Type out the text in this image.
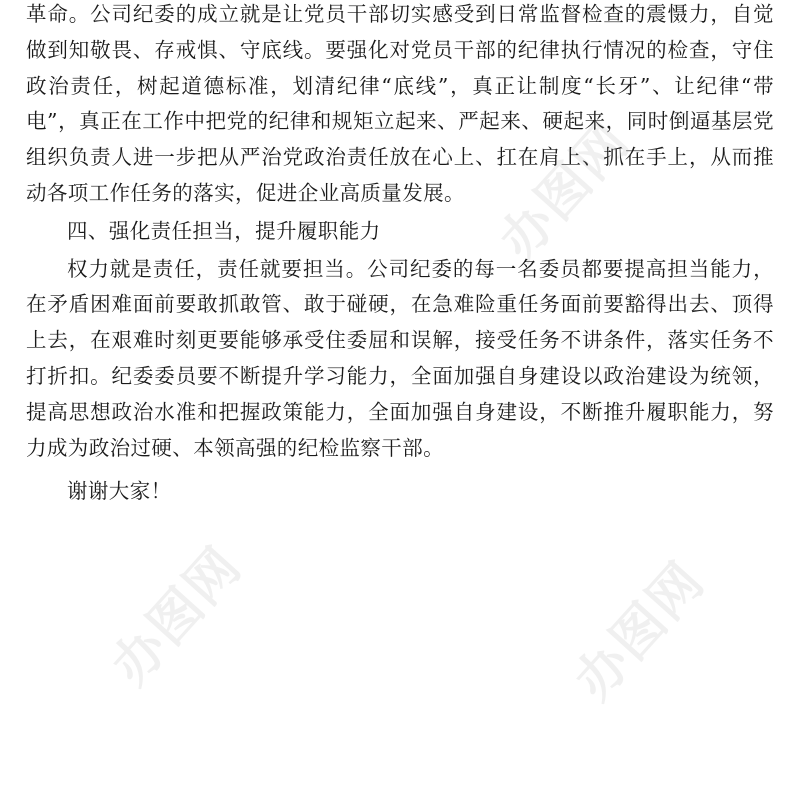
革命。公司纪委的成立就是让党员干部切实感受到日常监督检查的震慑力，自觉做到知敬畏、存戒惧、守底线。要强化对党员干部的纪律执行情况的检查，守住政治责任，树起道德标准，划清纪律“底线”，真正让制度“长牙”、让纪律“带电”，真正在工作中把党的纪律和规矩立起来、严起来、硬起来，同时倒逼基层党组织负责人进一步把从严治党政治责任放在心上、扛在肩上、抓在手上，从而推动各项工作任务的落实，促进企业高质量发展。

四、强化责任担当，提升履职能力

权力就是责任，责任就要担当。公司纪委的每一名委员都要提高担当能力，在矛盾困难面前要敢抓敢管、敢于碰硬，在急难险重任务面前要豁得出去、顶得上去，在艰难时刻更要能够承受住委屈和误解，接受任务不讲条件，落实任务不打折扣。纪委委员要不断提升学习能力，全面加强自身建设以政治建设为统领，提高思想政治水准和把握政策能力，全面加强自身建设，不断推升履职能力，努力成为政治过硬、本领高强的纪检监察干部。

谢谢大家！

办图网
办图网	办图网
